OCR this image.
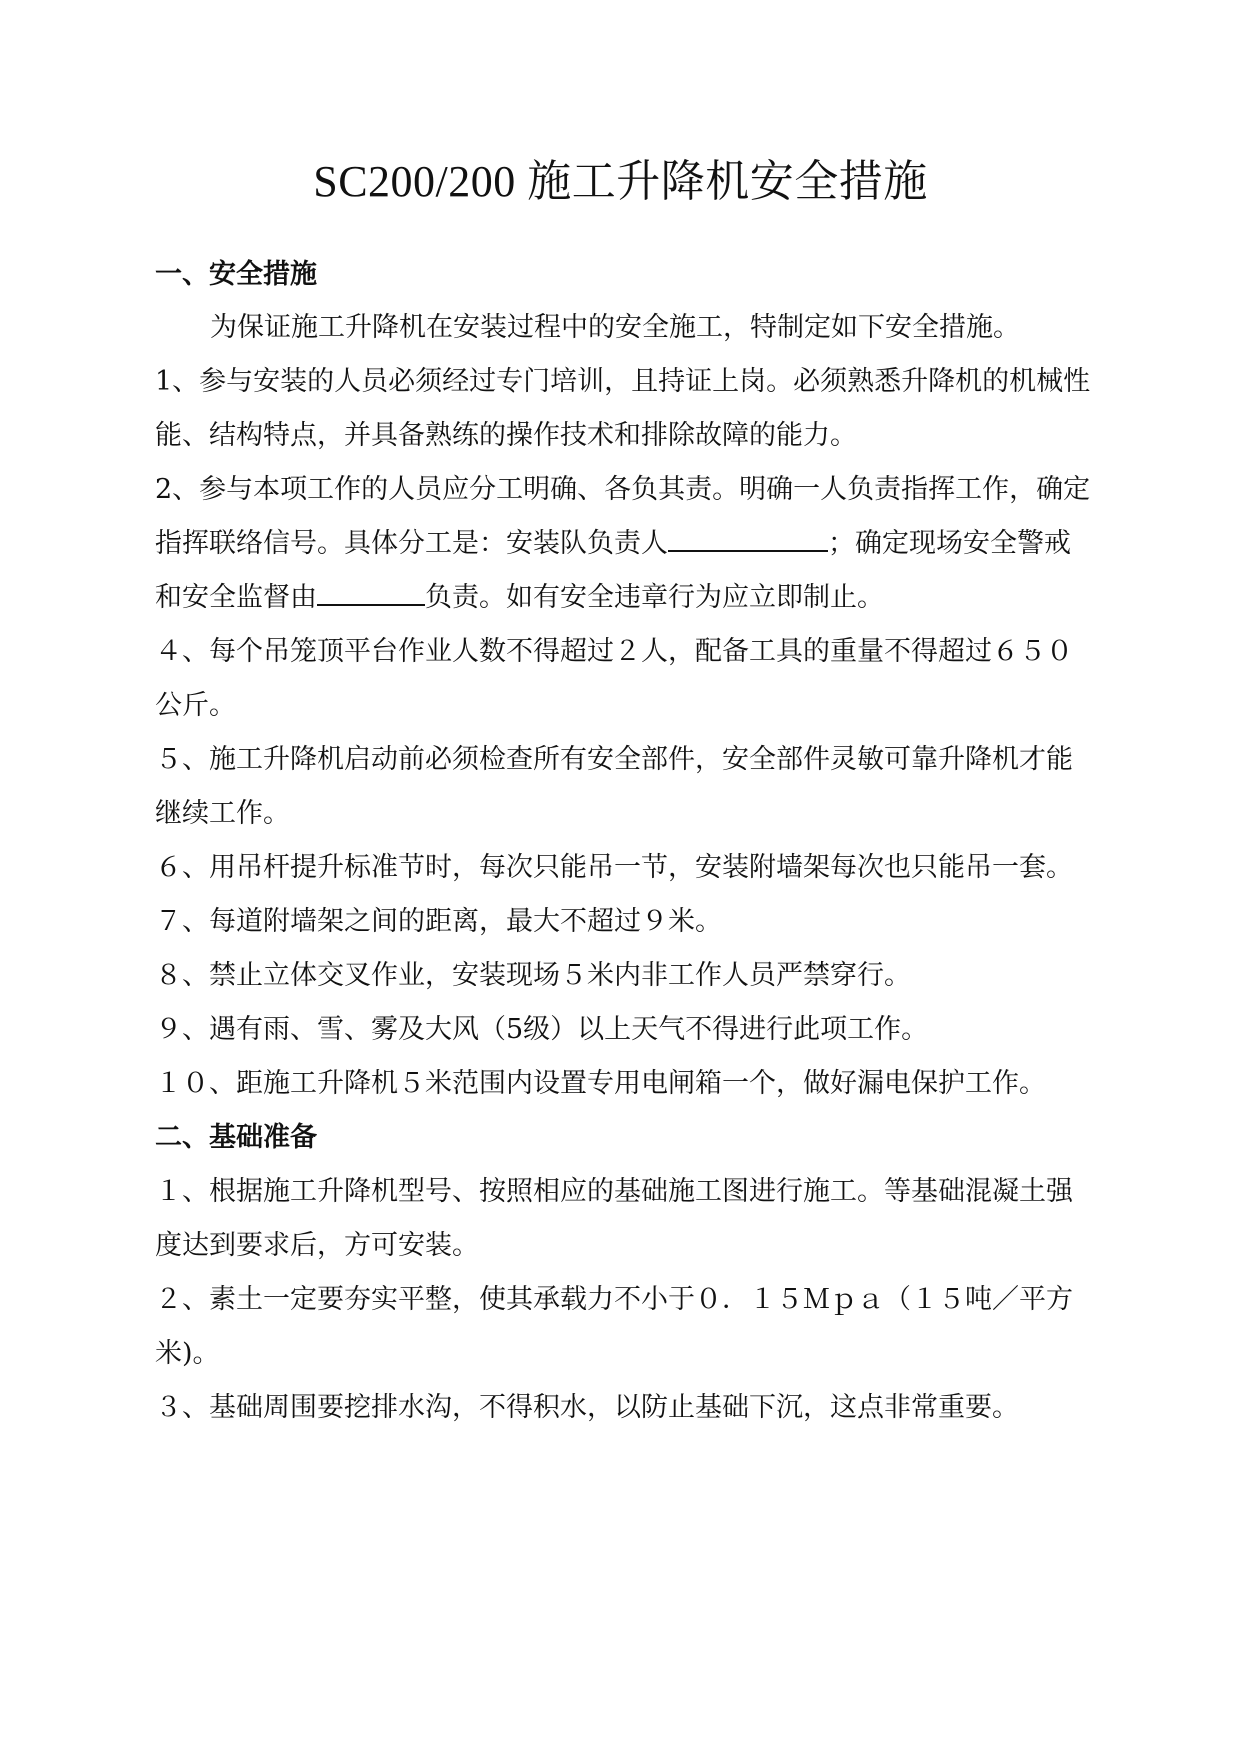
SC200/200 施工升降机安全措施

一、安全措施

为保证施工升降机在安装过程中的安全施工，特制定如下安全措施。

1、参与安装的人员必须经过专门培训，且持证上岗。必须熟悉升降机的机械性

能、结构特点，并具备熟练的操作技术和排除故障的能力。

2、参与本项工作的人员应分工明确、各负其责。明确一人负责指挥工作，确定

指挥联络信号。具体分工是：安装队负责人	；确定现场安全警戒

和安全监督由	负责。如有安全违章行为应立即制止。

４、每个吊笼顶平台作业人数不得超过２人，配备工具的重量不得超过６５０

公斤。

５、施工升降机启动前必须检查所有安全部件，安全部件灵敏可靠升降机才能

继续工作。

６、用吊杆提升标准节时，每次只能吊一节，安装附墙架每次也只能吊一套。

７、每道附墙架之间的距离，最大不超过９米。

８、禁止立体交叉作业，安装现场５米内非工作人员严禁穿行。

９、遇有雨、雪、雾及大风（5级）以上天气不得进行此项工作。

１０、距施工升降机５米范围内设置专用电闸箱一个，做好漏电保护工作。

二、基础准备

１、根据施工升降机型号、按照相应的基础施工图进行施工。等基础混凝土强

度达到要求后，方可安装。

２、素土一定要夯实平整，使其承载力不小于０．１５Ｍｐａ（１５吨／平方

米)。

３、基础周围要挖排水沟，不得积水，以防止基础下沉，这点非常重要。
